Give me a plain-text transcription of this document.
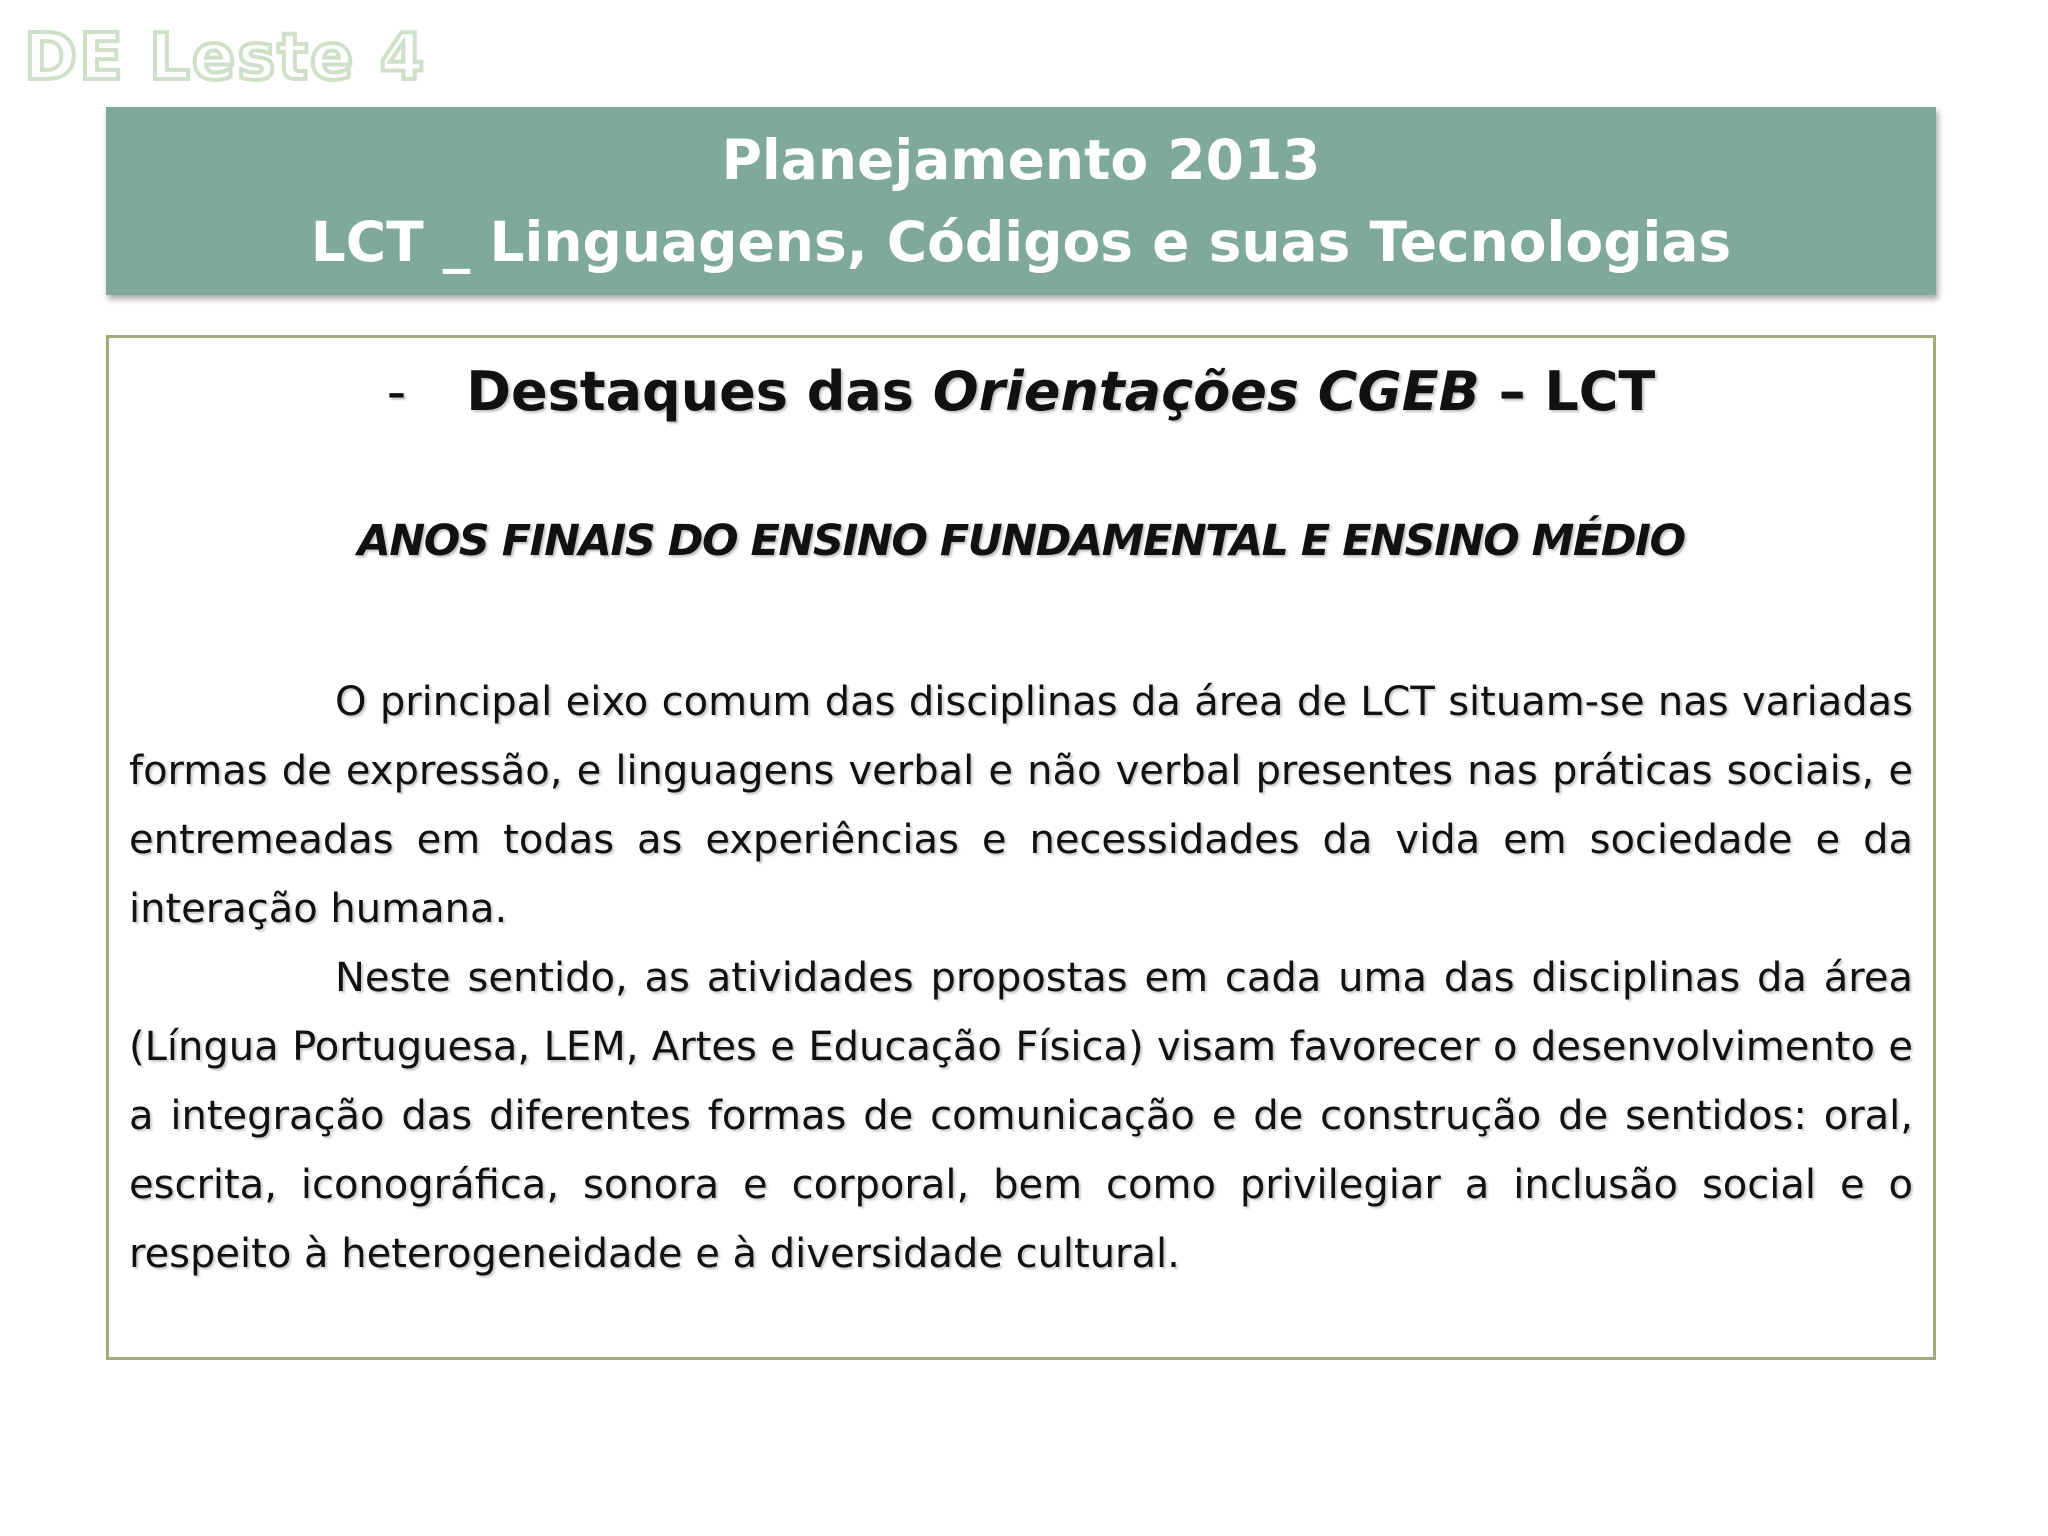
DE Leste 4
Planejamento 2013
LCT _ Linguagens, Códigos e suas Tecnologias
- Destaques das Orientações CGEB – LCT
ANOS FINAIS DO ENSINO FUNDAMENTAL E ENSINO MÉDIO

O principal eixo comum das disciplinas da área de LCT situam-se nas variadas formas de expressão, e linguagens verbal e não verbal presentes nas práticas sociais, e entremeadas em todas as experiências e necessidades da vida em sociedade e da interação humana.

Neste sentido, as atividades propostas em cada uma das disciplinas da área (Língua Portuguesa, LEM, Artes e Educação Física) visam favorecer o desenvolvimento e a integração das diferentes formas de comunicação e de construção de sentidos: oral, escrita, iconográfica, sonora e corporal, bem como privilegiar a inclusão social e o respeito à heterogeneidade e à diversidade cultural.
